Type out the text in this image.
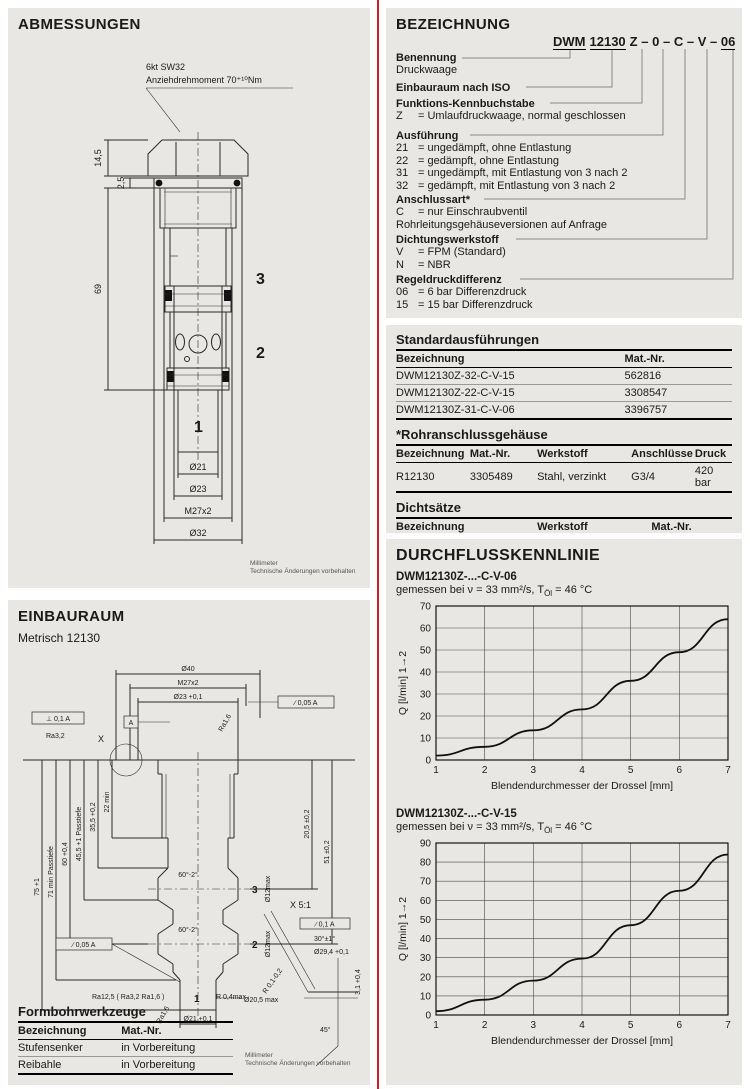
ABMESSUNGEN
6kt SW32
Anziehdrehmoment 70⁺¹⁰Nm
3
2
1
14,5
2,5
69
Ø21
Ø23
M27x2
Ø32
Millimeter
Technische Änderungen vorbehalten
EINBAURAUM
Metrisch 12130
Ø40
M27x2
Ø23 +0,1
∕ 0,05 A
⊥ 0,1 A
A
X
Ra3,2
Ra1,6
60°-2°
60°-2°
3
2
1
Ø12max
Ø12max
22 min
35,5 +0,2
45,5 +1 Passtiefe
60 +0,4
71 min Passtiefe
75 +1
20,5 ±0,2
51 ±0,2
∕ 0,05 A
Ø20,5 max
Ø21 +0,1
Ra1,6
Ra12,5 ( Ra3,2 Ra1,6 )	R 0,4max
X 5:1
∕ 0,1 A
30°±1°
Ø29,4 +0,1
R 0,1-0,2	3,1 +0,4
45°
Formbohrwerkzeuge
Bezeichnung	Mat.-Nr.
Stufensenker	in Vorbereitung
Reibahle	in Vorbereitung
Millimeter
Technische Änderungen vorbehalten
BEZEICHNUNG
DWM 12130 Z – 0 – C – V – 06
Benennung
Druckwaage
Einbauraum nach ISO
Funktions-Kennbuchstabe
Z = Umlaufdruckwaage, normal geschlossen
Ausführung
21 = ungedämpft, ohne Entlastung
22 = gedämpft, ohne Entlastung
31 = ungedämpft, mit Entlastung von 3 nach 2
32 = gedämpft, mit Entlastung von 3 nach 2
Anschlussart*
C = nur Einschraubventil
Rohrleitungsgehäuseversionen auf Anfrage
Dichtungswerkstoff
V = FPM (Standard)
N = NBR
Regeldruckdifferenz
06 = 6 bar Differenzdruck
15 = 15 bar Differenzdruck
Standardausführungen
Bezeichnung	Mat.-Nr.
DWM12130Z-32-C-V-15	562816
DWM12130Z-22-C-V-15	3308547
DWM12130Z-31-C-V-06	3396757
*Rohranschlussgehäuse
Bezeichnung	Mat.-Nr.	Werkstoff	Anschlüsse	Druck
R12130	3305489	Stahl, verzinkt	G3/4	420 bar
Dichtsätze
Bezeichnung	Werkstoff	Mat.-Nr.

DURCHFLUSSKENNLINIE
DWM12130Z-...-C-V-06
gemessen bei ν = 33 mm²/s, $T_{Öl} = 46$ °C
0
10
20
30
40
50
60
70
1	2	3	4	5	6	7
Q [l/min] 1→2
Blendendurchmesser der Drossel [mm]
DWM12130Z-...-C-V-15
gemessen bei ν = 33 mm²/s, $T_{Öl} = 46$ °C
0
10
20
30
40
50
60
70
80
90
1	2	3	4	5	6	7
Q [l/min] 1→2
Blendendurchmesser der Drossel [mm]
